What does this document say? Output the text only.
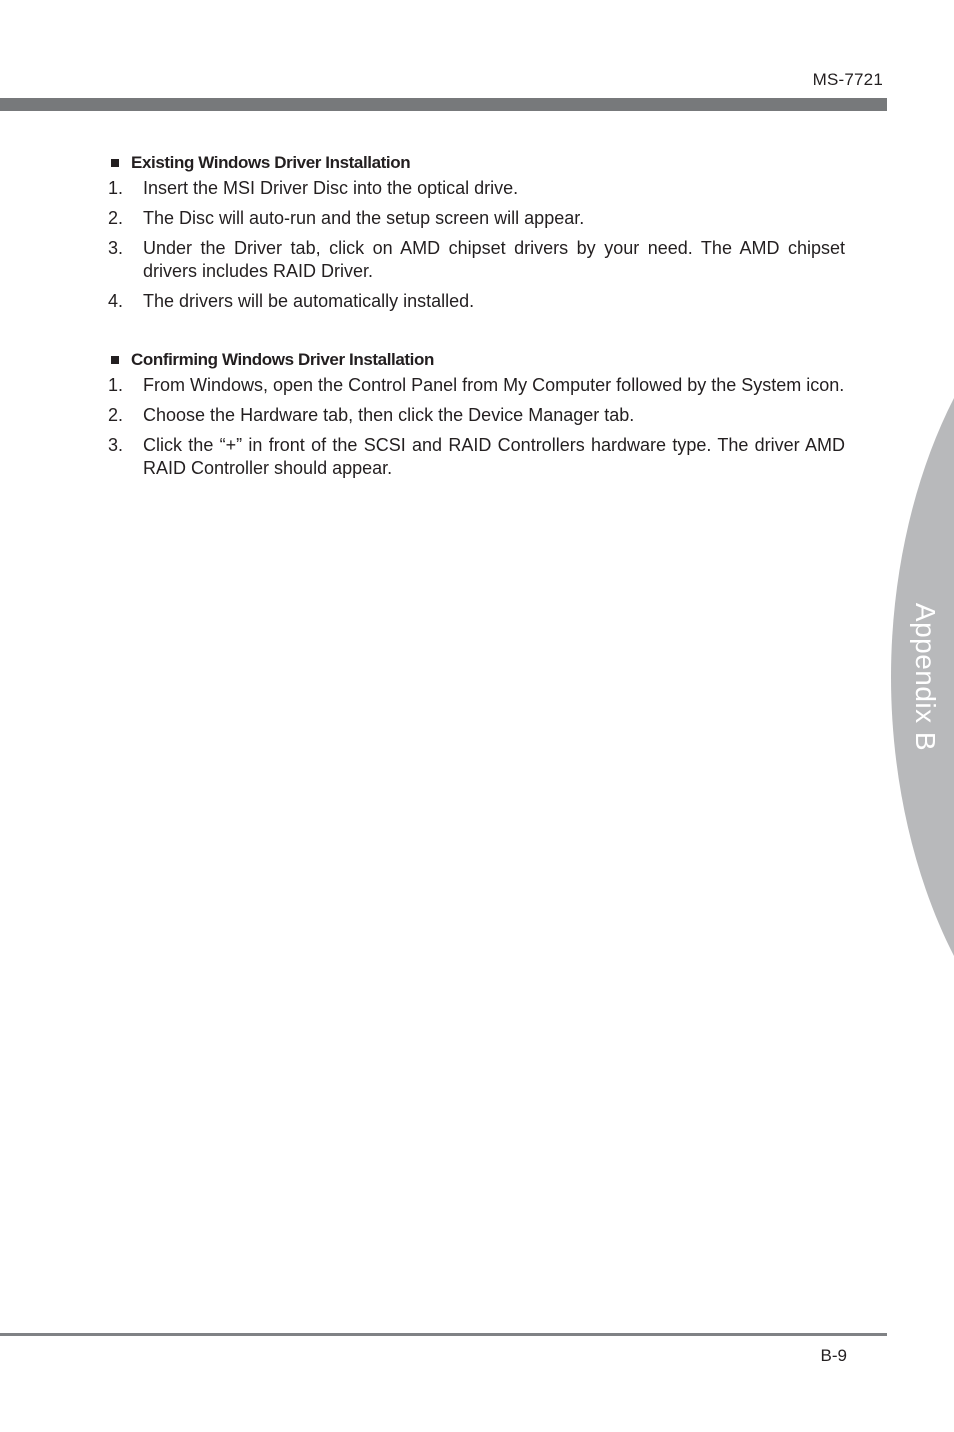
MS-7721
Appendix B
Existing Windows Driver Installation
1.	Insert the MSI Driver Disc into the optical drive.
2.	The Disc will auto-run and the setup screen will appear.
3.	Under the Driver tab, click on AMD chipset drivers by your need. The AMD chipset drivers includes RAID Driver.
4.	The drivers will be automatically installed.
Confirming Windows Driver Installation
1.	From Windows, open the Control Panel from My Computer followed by the System icon.
2.	Choose the Hardware tab, then click the Device Manager tab.
3.	Click the “+” in front of the SCSI and RAID Controllers hardware type. The driver AMD RAID Controller should appear.
B-9
